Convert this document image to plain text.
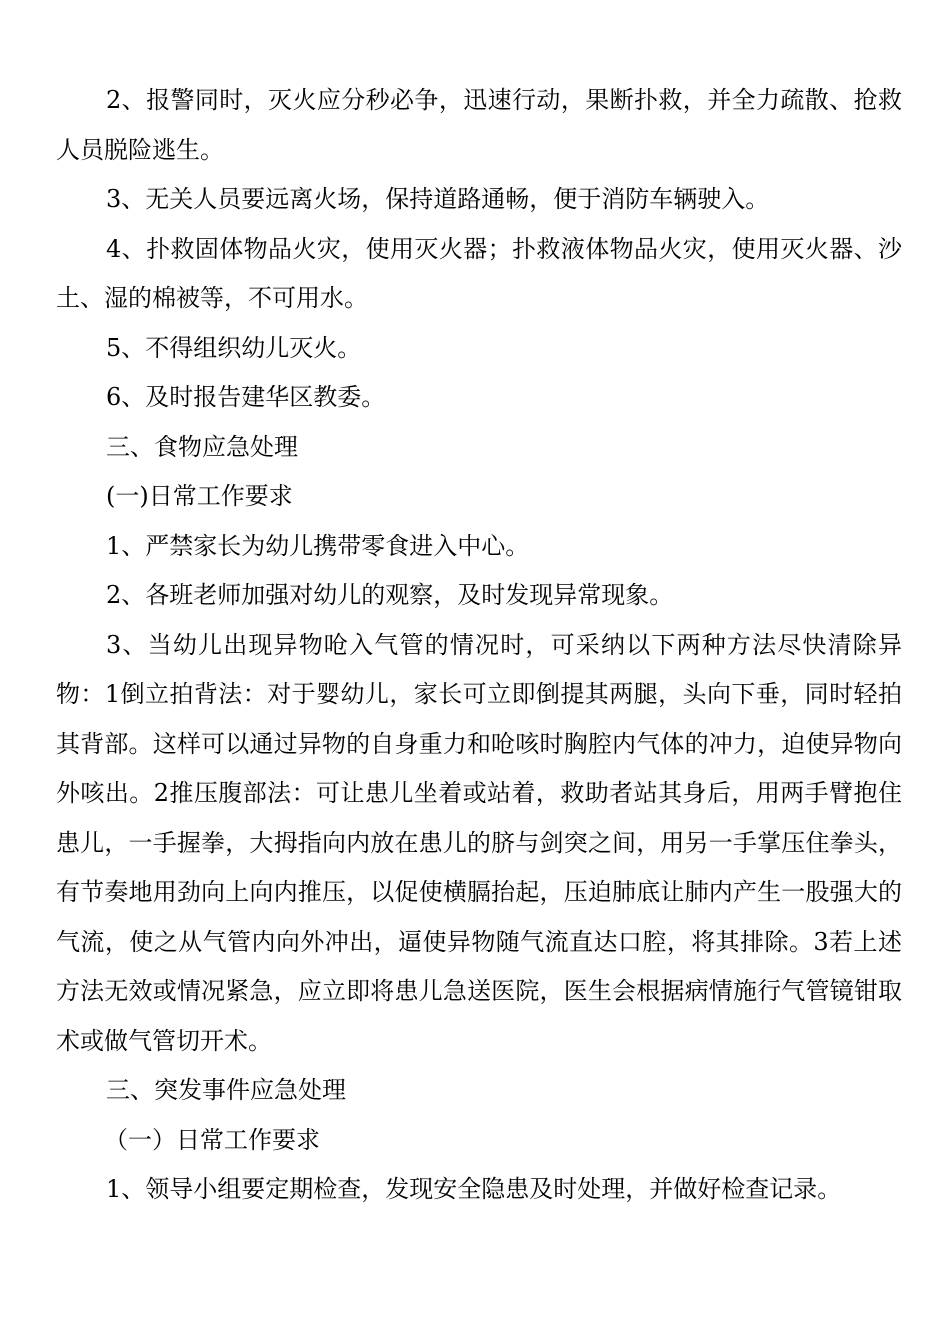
2、报警同时，灭火应分秒必争，迅速行动，果断扑救，并全力疏散、抢救人员脱险逃生。

3、无关人员要远离火场，保持道路通畅，便于消防车辆驶入。

4、扑救固体物品火灾，使用灭火器；扑救液体物品火灾，使用灭火器、沙土、湿的棉被等，不可用水。

5、不得组织幼儿灭火。

6、及时报告建华区教委。

三、食物应急处理

(一)日常工作要求

1、严禁家长为幼儿携带零食进入中心。

2、各班老师加强对幼儿的观察，及时发现异常现象。

3、当幼儿出现异物呛入气管的情况时，可采纳以下两种方法尽快清除异物：1倒立拍背法：对于婴幼儿，家长可立即倒提其两腿，头向下垂，同时轻拍其背部。这样可以通过异物的自身重力和呛咳时胸腔内气体的冲力，迫使异物向外咳出。2推压腹部法：可让患儿坐着或站着，救助者站其身后，用两手臂抱住患儿，一手握拳，大拇指向内放在患儿的脐与剑突之间，用另一手掌压住拳头，有节奏地用劲向上向内推压，以促使横膈抬起，压迫肺底让肺内产生一股强大的气流，使之从气管内向外冲出，逼使异物随气流直达口腔，将其排除。3若上述方法无效或情况紧急，应立即将患儿急送医院，医生会根据病情施行气管镜钳取术或做气管切开术。

三、突发事件应急处理

（一）日常工作要求

1、领导小组要定期检查，发现安全隐患及时处理，并做好检查记录。
